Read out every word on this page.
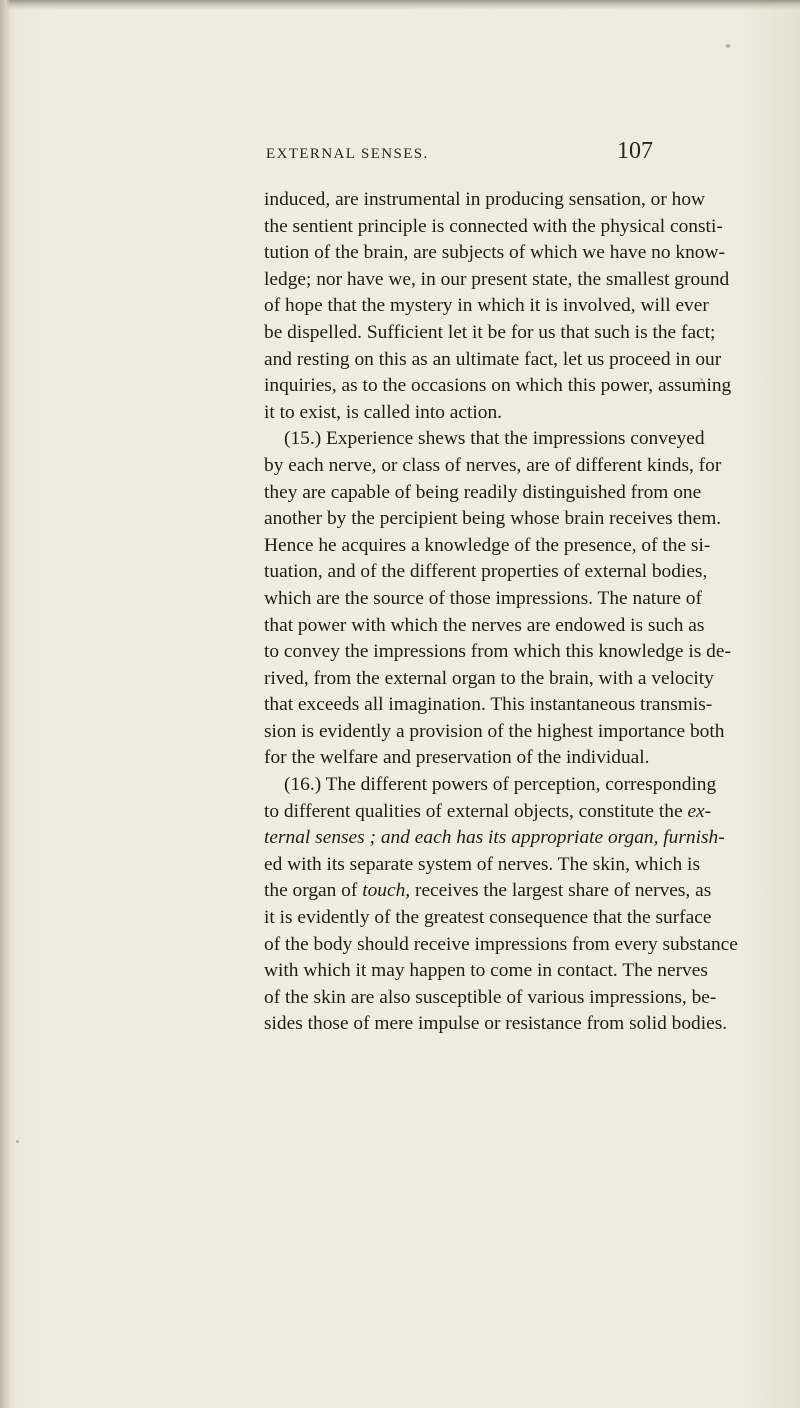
EXTERNAL SENSES.	107
induced, are instrumental in producing sensation, or how
the sentient principle is connected with the physical consti-
tution of the brain, are subjects of which we have no know-
ledge; nor have we, in our present state, the smallest ground
of hope that the mystery in which it is involved, will ever
be dispelled. Sufficient let it be for us that such is the fact;
and resting on this as an ultimate fact, let us proceed in our
inquiries, as to the occasions on which this power, assuming
it to exist, is called into action.
(15.) Experience shews that the impressions conveyed
by each nerve, or class of nerves, are of different kinds, for
they are capable of being readily distinguished from one
another by the percipient being whose brain receives them.
Hence he acquires a knowledge of the presence, of the si-
tuation, and of the different properties of external bodies,
which are the source of those impressions. The nature of
that power with which the nerves are endowed is such as
to convey the impressions from which this knowledge is de-
rived, from the external organ to the brain, with a velocity
that exceeds all imagination. This instantaneous transmis-
sion is evidently a provision of the highest importance both
for the welfare and preservation of the individual.
(16.) The different powers of perception, corresponding
to different qualities of external objects, constitute the ex-
ternal senses ; and each has its appropriate organ, furnish-
ed with its separate system of nerves. The skin, which is
the organ of touch, receives the largest share of nerves, as
it is evidently of the greatest consequence that the surface
of the body should receive impressions from every substance
with which it may happen to come in contact. The nerves
of the skin are also susceptible of various impressions, be-
sides those of mere impulse or resistance from solid bodies.
